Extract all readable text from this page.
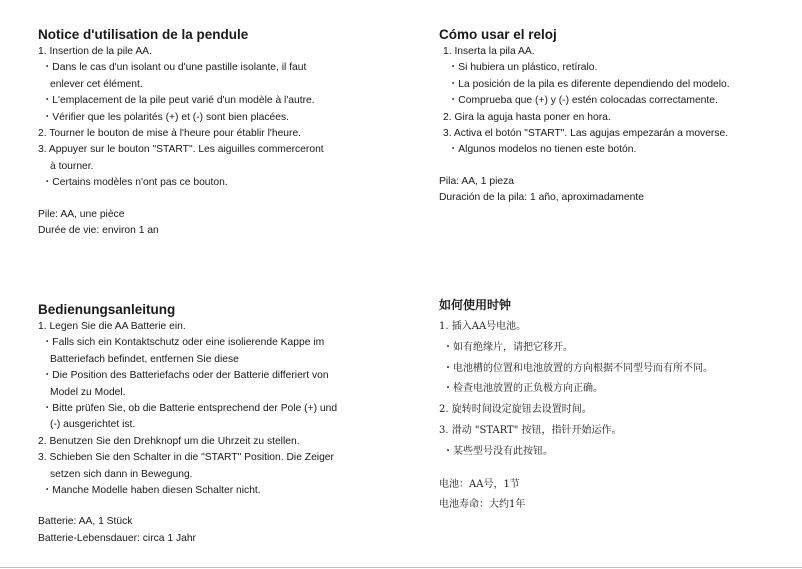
Notice d'utilisation de la pendule
1. Insertion de la pile AA.
・Dans le cas d'un isolant ou d'une pastille isolante, il faut
enlever cet élément.
・L'emplacement de la pile peut varié d'un modèle à l'autre.
・Vérifier que les polarités (+) et (-) sont bien placées.
2. Tourner le bouton de mise à l'heure pour établir l'heure.
3. Appuyer sur le bouton "START". Les aiguilles commerceront
à tourner.
・Certains modèles n'ont pas ce bouton.
Pile: AA, une pièce
Durée de vie: environ 1 an
Cómo usar el reloj
1. Inserta la pila AA.
・Si hubiera un plástico, retíralo.
・La posición de la pila es diferente dependiendo del modelo.
・Comprueba que (+) y (-) estén colocadas correctamente.
2. Gira la aguja hasta poner en hora.
3. Activa el botón "START". Las agujas empezarán a moverse.
・Algunos modelos no tienen este botón.
Pila: AA, 1 pieza
Duración de la pila: 1 año, aproximadamente
Bedienungsanleitung
1. Legen Sie die AA Batterie ein.
・Falls sich ein Kontaktschutz oder eine isolierende Kappe im
Batteriefach befindet, entfernen Sie diese
・Die Position des Batteriefachs oder der Batterie differiert von
Model zu Model.
・Bitte prüfen Sie, ob die Batterie entsprechend der Pole (+) und
(-) ausgerichtet ist.
2. Benutzen Sie den Drehknopf um die Uhrzeit zu stellen.
3. Schieben Sie den Schalter in die "START" Position. Die Zeiger
setzen sich dann in Bewegung.
・Manche Modelle haben diesen Schalter nicht.
Batterie: AA, 1 Stück
Batterie-Lebensdauer: circa 1 Jahr
如何使用时钟
1. 插入AA号电池。
・如有绝缘片，请把它移开。
・电池槽的位置和电池放置的方向根据不同型号而有所不同。
・检查电池放置的正负极方向正确。
2. 旋转时间设定旋钮去设置时间。
3. 滑动 "START" 按钮，指针开始运作。
・某些型号没有此按钮。
电池：AA号，1节
电池寿命：大约1年
